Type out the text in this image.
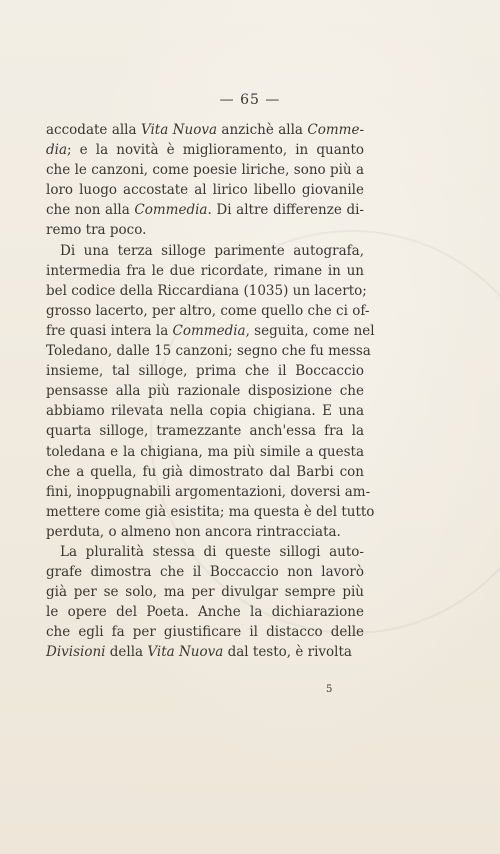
— 65 —
accodate alla Vita Nuova anzichè alla Comme-
dia; e la novità è miglioramento, in quanto
che le canzoni, come poesie liriche, sono più a
loro luogo accostate al lirico libello giovanile
che non alla Commedia. Di altre differenze di-
remo tra poco.
Di una terza silloge parimente autografa,
intermedia fra le due ricordate, rimane in un
bel codice della Riccardiana (1035) un lacerto;
grosso lacerto, per altro, come quello che ci of-
fre quasi intera la Commedia, seguita, come nel
Toledano, dalle 15 canzoni; segno che fu messa
insieme, tal silloge, prima che il Boccaccio
pensasse alla più razionale disposizione che
abbiamo rilevata nella copia chigiana. E una
quarta silloge, tramezzante anch'essa fra la
toledana e la chigiana, ma più simile a questa
che a quella, fu già dimostrato dal Barbi con
fini, inoppugnabili argomentazioni, doversi am-
mettere come già esistita; ma questa è del tutto
perduta, o almeno non ancora rintracciata.
La pluralità stessa di queste sillogi auto-
grafe dimostra che il Boccaccio non lavorò
già per se solo, ma per divulgar sempre più
le opere del Poeta. Anche la dichiarazione
che egli fa per giustificare il distacco delle
Divisioni della Vita Nuova dal testo, è rivolta
5
